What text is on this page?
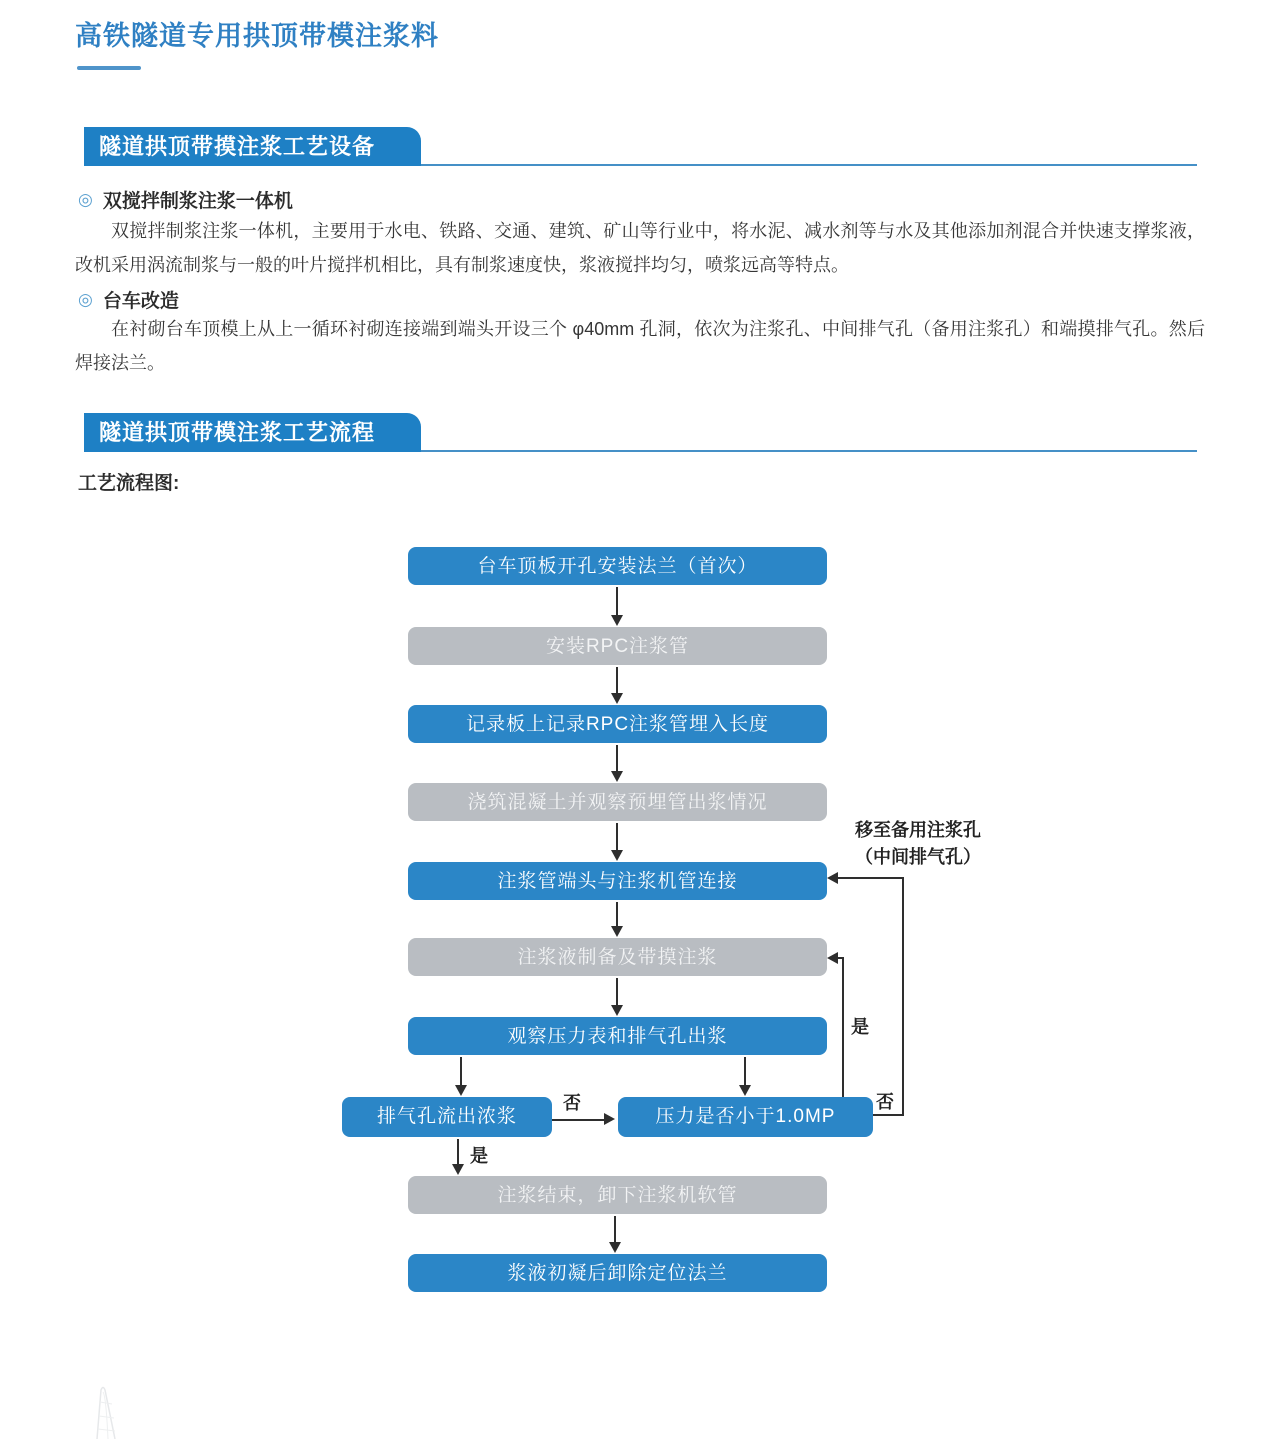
高铁隧道专用拱顶带模注浆料
隧道拱顶带摸注浆工艺设备
◎ 双搅拌制浆注浆一体机
双搅拌制浆注浆一体机，主要用于水电、铁路、交通、建筑、矿山等行业中，将水泥、减水剂等与水及其他添加剂混合并快速支撑浆液，改机采用涡流制浆与一般的叶片搅拌机相比，具有制浆速度快，浆液搅拌均匀，喷浆远高等特点。
◎ 台车改造
在衬砌台车顶模上从上一循环衬砌连接端到端头开设三个 φ40mm 孔洞，依次为注浆孔、中间排气孔（备用注浆孔）和端摸排气孔。然后焊接法兰。
隧道拱顶带模注浆工艺流程
工艺流程图:
台车顶板开孔安装法兰（首次）
安装RPC注浆管
记录板上记录RPC注浆管埋入长度
浇筑混凝土并观察预埋管出浆情况
注浆管端头与注浆机管连接
注浆液制备及带摸注浆
观察压力表和排气孔出浆
排气孔流出浓浆	压力是否小于1.0MP
注浆结束，卸下注浆机软管
浆液初凝后卸除定位法兰
否
是
是
否
移至备用注浆孔
（中间排气孔）
